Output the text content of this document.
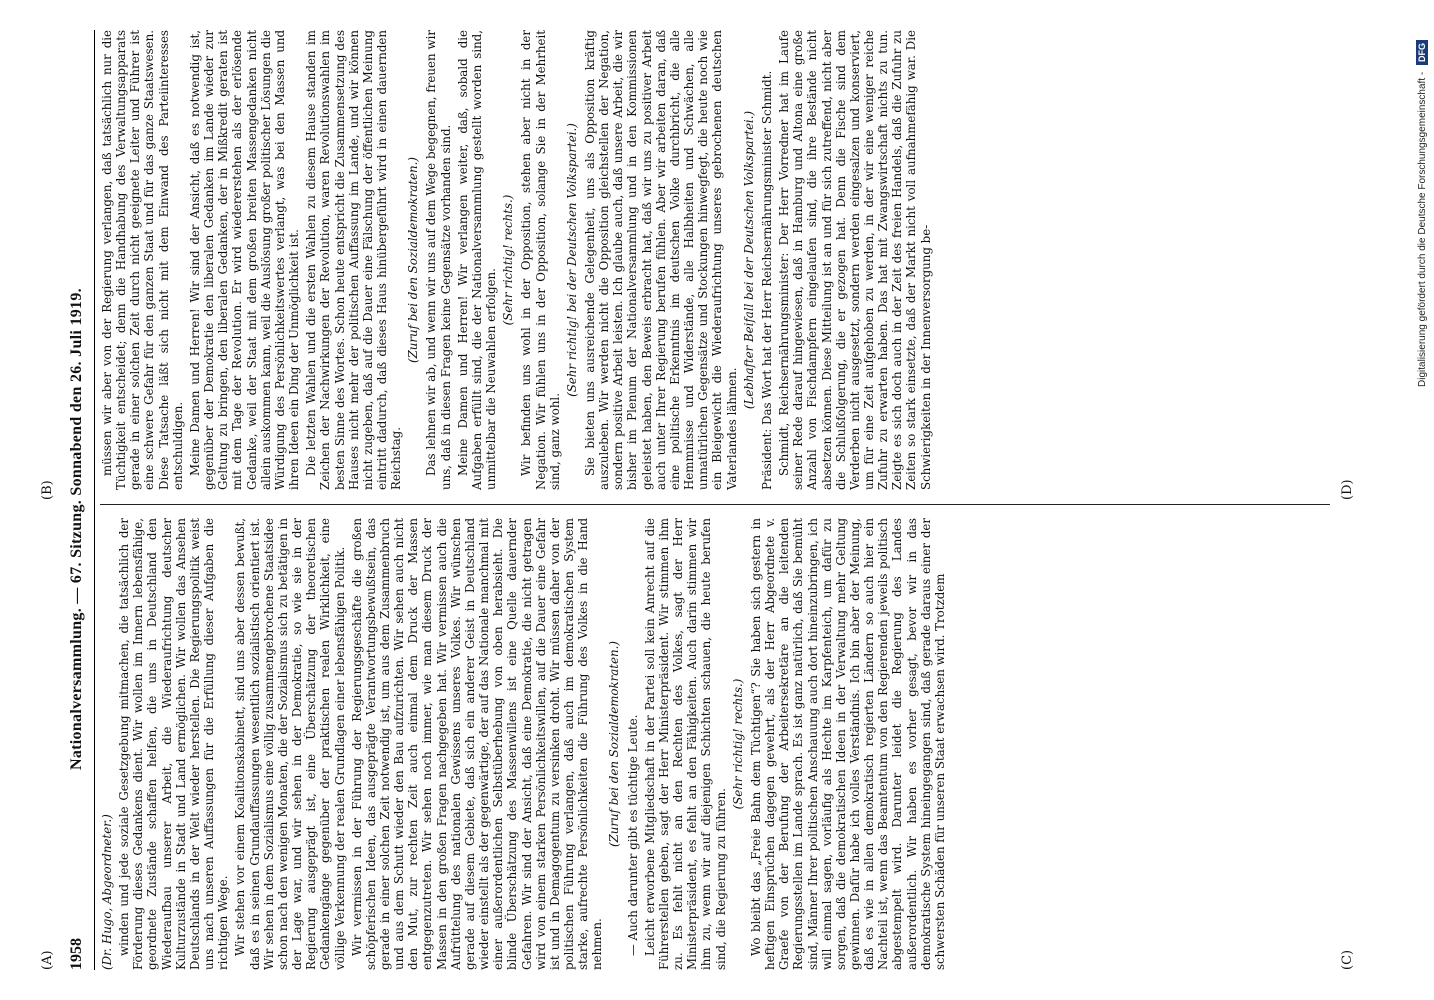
(A)
(B)
1958
Nationalversammlung. — 67. Sitzung. Sonnabend den 26. Juli 1919.

(Dr. Hugo, Abgeordneter.) winden und jede soziale Gesetzgebung mitmachen, die tatsächlich der Förderung dieses Gedankens dient. Wir wollen im Innern lebensfähige, geordnete Zustände schaffen helfen, die uns in Deutschland den Wiederaufbau unserer Arbeit, die Wiederaufrichtung deutscher Kulturzustände in Stadt und Land ermöglichen. Wir wollen das Ansehen Deutschlands in der Welt wieder herstellen. Die Regierungspolitik weist uns nach unseren Auffassungen für die Erfüllung dieser Aufgaben die richtigen Wege. Wir stehen vor einem Koalitionskabinett, sind uns aber dessen bewußt, daß es in seinen Grundauffassungen wesentlich sozialistisch orientiert ist. Wir sehen in dem Sozialismus eine völlig zusammengebrochene Staatsidee schon nach den wenigen Monaten, die der Sozialismus sich zu betätigen in der Lage war, und wir sehen in der Demokratie, so wie sie in der Regierung ausgeprägt ist, eine Überschätzung der theoretischen Gedankengänge gegenüber der praktischen realen Wirklichkeit, eine völlige Verkennung der realen Grundlagen einer lebensfähigen Politik. Wir vermissen in der Führung der Regierungsgeschäfte die großen schöpferischen Ideen, das ausgeprägte Verantwortungsbewußtsein, das gerade in einer solchen Zeit notwendig ist, um aus dem Zusammenbruch und aus dem Schutt wieder den Bau aufzurichten. Wir sehen auch nicht den Mut, zur rechten Zeit auch einmal dem Druck der Massen entgegenzutreten. Wir sehen noch immer, wie man diesem Druck der Massen in den großen Fragen nachgegeben hat. Wir vermissen auch die Aufrüttelung des nationalen Gewissens unseres Volkes. Wir wünschen gerade auf diesem Gebiete, daß sich ein anderer Geist in Deutschland wieder einstellt als der gegenwärtige, der auf das Nationale manchmal mit einer außerordentlichen Selbstüberhebung von oben herabsieht. Die blinde Überschätzung des Massenwillens ist eine Quelle dauernder Gefahren. Wir sind der Ansicht, daß eine Demokratie, die nicht getragen wird von einem starken Persönlichkeitswillen, auf die Dauer eine Gefahr ist und in Demagogentum zu versinken droht. Wir müssen daher von der politischen Führung verlangen, daß auch im demokratischen System starke, aufrechte Persönlichkeiten die Führung des Volkes in die Hand nehmen.

(Zuruf bei den Sozialdemokraten.) — Auch darunter gibt es tüchtige Leute. Leicht erworbene Mitgliedschaft in der Partei soll kein Anrecht auf die Führerstellen geben, sagt der Herr Ministerpräsident. Wir stimmen ihm zu. Es fehlt nicht an den Rechten des Volkes, sagt der Herr Ministerpräsident, es fehlt an den Fähigkeiten. Auch darin stimmen wir ihm zu, wenn wir auf diejenigen Schichten schauen, die heute berufen sind, die Regierung zu führen.

(Sehr richtig! rechts.) Wo bleibt das „Freie Bahn dem Tüchtigen“? Sie haben sich gestern in heftigen Einsprüchen dagegen gewehrt, als der Herr Abgeordnete v. Graefe von der Berufung der Arbeitersekretäre an die leitenden Regierungsstellen im Lande sprach. Es ist ganz natürlich, daß Sie bemüht sind, Männer Ihrer politischen Anschauung auch dort hineinzubringen, ich will einmal sagen, vorläufig als Hechte im Karpfenteich, um dafür zu sorgen, daß die demokratischen Ideen in der Verwaltung mehr Geltung gewinnen. Dafür habe ich volles Verständnis. Ich bin aber der Meinung, daß es wie in allen demokratisch regierten Ländern so auch hier ein Nachteil ist, wenn das Beamtentum von den Regierenden jeweils politisch abgestempelt wird. Darunter leidet die Regierung des Landes außerordentlich. Wir haben es vorher gesagt, bevor wir in das demokratische System hineingegangen sind, daß gerade daraus einer der schwersten Schäden für unseren Staat erwachsen wird. Trotzdem

müssen wir aber von der Regierung verlangen, daß tatsächlich nur die Tüchtigkeit entscheidet; denn die Handhabung des Verwaltungsapparats gerade in einer solchen Zeit durch nicht geeignete Leiter und Führer ist eine schwere Gefahr für den ganzen Staat und für das ganze Staatswesen. Diese Tatsache läßt sich nicht mit dem Einwand des Parteiinteresses entschuldigen. Meine Damen und Herren! Wir sind der Ansicht, daß es notwendig ist, gegenüber der Demokratie den liberalen Gedanken im Lande wieder zur Geltung zu bringen, den liberalen Gedanken, der in Mißkredit geraten ist mit dem Tage der Revolution. Er wird wiedererstehen als der erlösende Gedanke, weil der Staat mit dem großen breiten Massengedanken nicht allein auskommen kann, weil die Auslösung großer politischer Lösungen die Würdigung des Persönlichkeitswertes verlangt, was bei den Massen und ihren Ideen ein Ding der Unmöglichkeit ist. Die letzten Wahlen und die ersten Wahlen zu diesem Hause standen im Zeichen der Nachwirkungen der Revolution, waren Revolutionswahlen im besten Sinne des Wortes. Schon heute entspricht die Zusammensetzung des Hauses nicht mehr der politischen Auffassung im Lande, und wir können nicht zugeben, daß auf die Dauer eine Fälschung der öffentlichen Meinung eintritt dadurch, daß dieses Haus hinübergeführt wird in einen dauernden Reichstag.

(Zuruf bei den Sozialdemokraten.) Das lehnen wir ab, und wenn wir uns auf dem Wege begegnen, freuen wir uns, daß in diesen Fragen keine Gegensätze vorhanden sind. Meine Damen und Herren! Wir verlangen weiter, daß, sobald die Aufgaben erfüllt sind, die der Nationalversammlung gestellt worden sind, unmittelbar die Neuwahlen erfolgen.

(Sehr richtig! rechts.) Wir befinden uns wohl in der Opposition, stehen aber nicht in der Negation. Wir fühlen uns in der Opposition, solange Sie in der Mehrheit sind, ganz wohl.

(Sehr richtig! bei der Deutschen Volkspartei.) Sie bieten uns ausreichende Gelegenheit, uns als Opposition kräftig auszuleben. Wir werden nicht die Opposition gleichstellen der Negation, sondern positive Arbeit leisten. Ich glaube auch, daß unsere Arbeit, die wir bisher im Plenum der Nationalversammlung und in den Kommissionen geleistet haben, den Beweis erbracht hat, daß wir uns zu positiver Arbeit auch unter Ihrer Regierung berufen fühlen. Aber wir arbeiten daran, daß eine politische Erkenntnis im deutschen Volke durchbricht, die alle Hemmnisse und Widerstände, alle Halbheiten und Schwächen, alle unnatürlichen Gegensätze und Stockungen hinwegfegt, die heute noch wie ein Bleigewicht die Wiederaufrichtung unseres gebrochenen deutschen Vaterlandes lähmen.

(Lebhafter Beifall bei der Deutschen Volkspartei.) Präsident: Das Wort hat der Herr Reichsernährungsminister Schmidt. Schmidt, Reichsernährungsminister: Der Herr Vorredner hat im Laufe seiner Rede darauf hingewiesen, daß in Hamburg und Altona eine große Anzahl von Fischdampfern eingelaufen sind, die ihre Bestände nicht absetzen können. Diese Mitteilung ist an und für sich zutreffend, nicht aber die Schlußfolgerung, die er gezogen hat. Denn die Fische sind dem Verderben nicht ausgesetzt, sondern werden eingesalzen und konserviert, um für eine Zeit aufgehoben zu werden, in der wir eine weniger reiche Zufuhr zu erwarten haben. Das hat mit Zwangswirtschaft nichts zu tun. Zeigte es sich doch auch in der Zeit des freien Handels, daß die Zufuhr zu Zeiten so stark einsetzte, daß der Markt nicht voll aufnahmefähig war. Die Schwierigkeiten in der Innenversorgung be-

(C)
(D)
Digitalisierung gefördert durch die Deutsche Forschungsgemeinschaft - DFG
